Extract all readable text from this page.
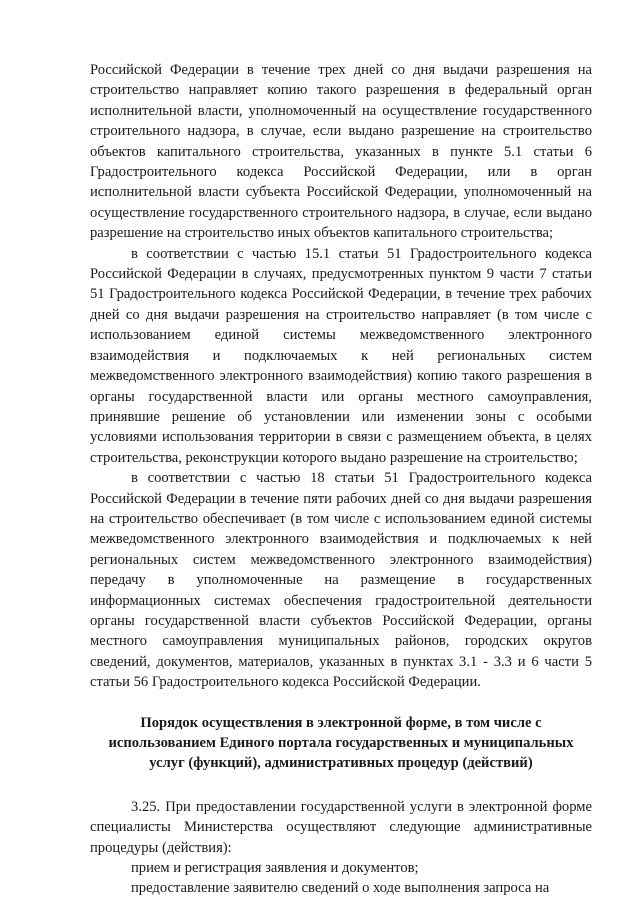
Российской Федерации в течение трех дней со дня выдачи разрешения на строительство направляет копию такого разрешения в федеральный орган исполнительной власти, уполномоченный на осуществление государственного строительного надзора, в случае, если выдано разрешение на строительство объектов капитального строительства, указанных в пункте 5.1 статьи 6 Градостроительного кодекса Российской Федерации, или в орган исполнительной власти субъекта Российской Федерации, уполномоченный на осуществление государственного строительного надзора, в случае, если выдано разрешение на строительство иных объектов капитального строительства;

в соответствии с частью 15.1 статьи 51 Градостроительного кодекса Российской Федерации в случаях, предусмотренных пунктом 9 части 7 статьи 51 Градостроительного кодекса Российской Федерации, в течение трех рабочих дней со дня выдачи разрешения на строительство направляет (в том числе с использованием единой системы межведомственного электронного взаимодействия и подключаемых к ней региональных систем межведомственного электронного взаимодействия) копию такого разрешения в органы государственной власти или органы местного самоуправления, принявшие решение об установлении или изменении зоны с особыми условиями использования территории в связи с размещением объекта, в целях строительства, реконструкции которого выдано разрешение на строительство;

в соответствии с частью 18 статьи 51 Градостроительного кодекса Российской Федерации в течение пяти рабочих дней со дня выдачи разрешения на строительство обеспечивает (в том числе с использованием единой системы межведомственного электронного взаимодействия и подключаемых к ней региональных систем межведомственного электронного взаимодействия) передачу в уполномоченные на размещение в государственных информационных системах обеспечения градостроительной деятельности органы государственной власти субъектов Российской Федерации, органы местного самоуправления муниципальных районов, городских округов сведений, документов, материалов, указанных в пунктах 3.1 - 3.3 и 6 части 5 статьи 56 Градостроительного кодекса Российской Федерации.

Порядок осуществления в электронной форме, в том числе с
использованием Единого портала государственных и муниципальных
услуг (функций), административных процедур (действий)

3.25. При предоставлении государственной услуги в электронной форме специалисты Министерства осуществляют следующие административные процедуры (действия):

прием и регистрация заявления и документов;

предоставление заявителю сведений о ходе выполнения запроса на
